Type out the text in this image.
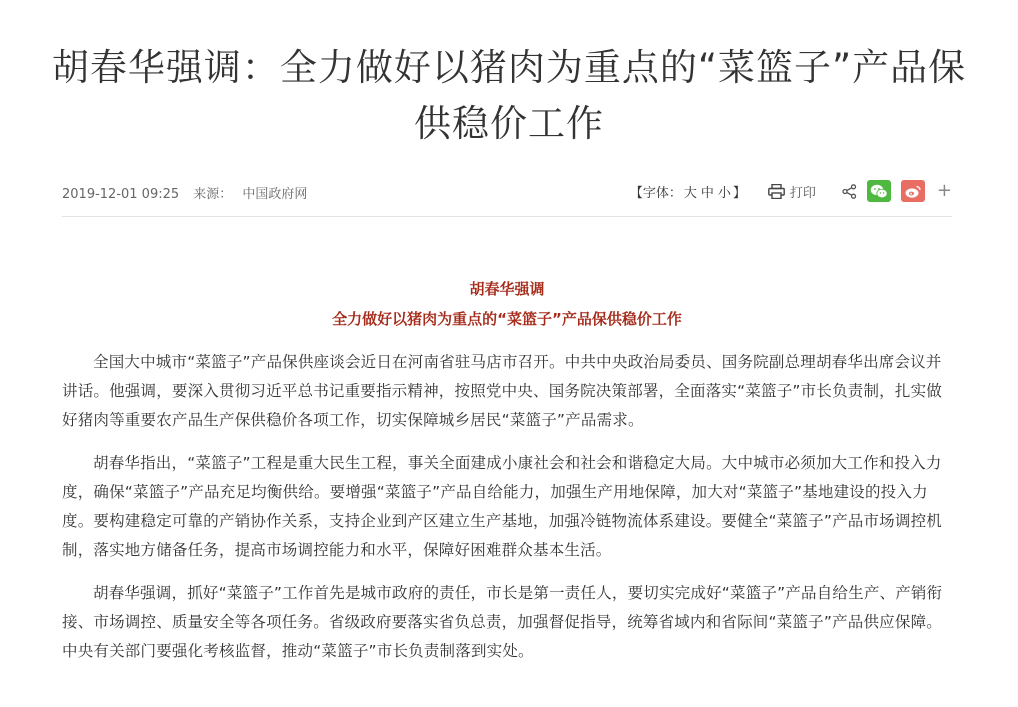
胡春华强调：全力做好以猪肉为重点的“菜篮子”产品保供稳价工作
2019-12-01 09:25 来源： 中国政府网	【字体： 大 中 小 】	打印	+
胡春华强调
全力做好以猪肉为重点的“菜篮子”产品保供稳价工作

全国大中城市“菜篮子”产品保供座谈会近日在河南省驻马店市召开。中共中央政治局委员、国务院副总理胡春华出席会议并讲话。他强调，要深入贯彻习近平总书记重要指示精神，按照党中央、国务院决策部署，全面落实“菜篮子”市长负责制，扎实做好猪肉等重要农产品生产保供稳价各项工作，切实保障城乡居民“菜篮子”产品需求。

胡春华指出，“菜篮子”工程是重大民生工程，事关全面建成小康社会和社会和谐稳定大局。大中城市必须加大工作和投入力度，确保“菜篮子”产品充足均衡供给。要增强“菜篮子”产品自给能力，加强生产用地保障，加大对“菜篮子”基地建设的投入力度。要构建稳定可靠的产销协作关系，支持企业到产区建立生产基地，加强冷链物流体系建设。要健全“菜篮子”产品市场调控机制，落实地方储备任务，提高市场调控能力和水平，保障好困难群众基本生活。

胡春华强调，抓好“菜篮子”工作首先是城市政府的责任，市长是第一责任人，要切实完成好“菜篮子”产品自给生产、产销衔接、市场调控、质量安全等各项任务。省级政府要落实省负总责，加强督促指导，统筹省域内和省际间“菜篮子”产品供应保障。中央有关部门要强化考核监督，推动“菜篮子”市长负责制落到实处。
